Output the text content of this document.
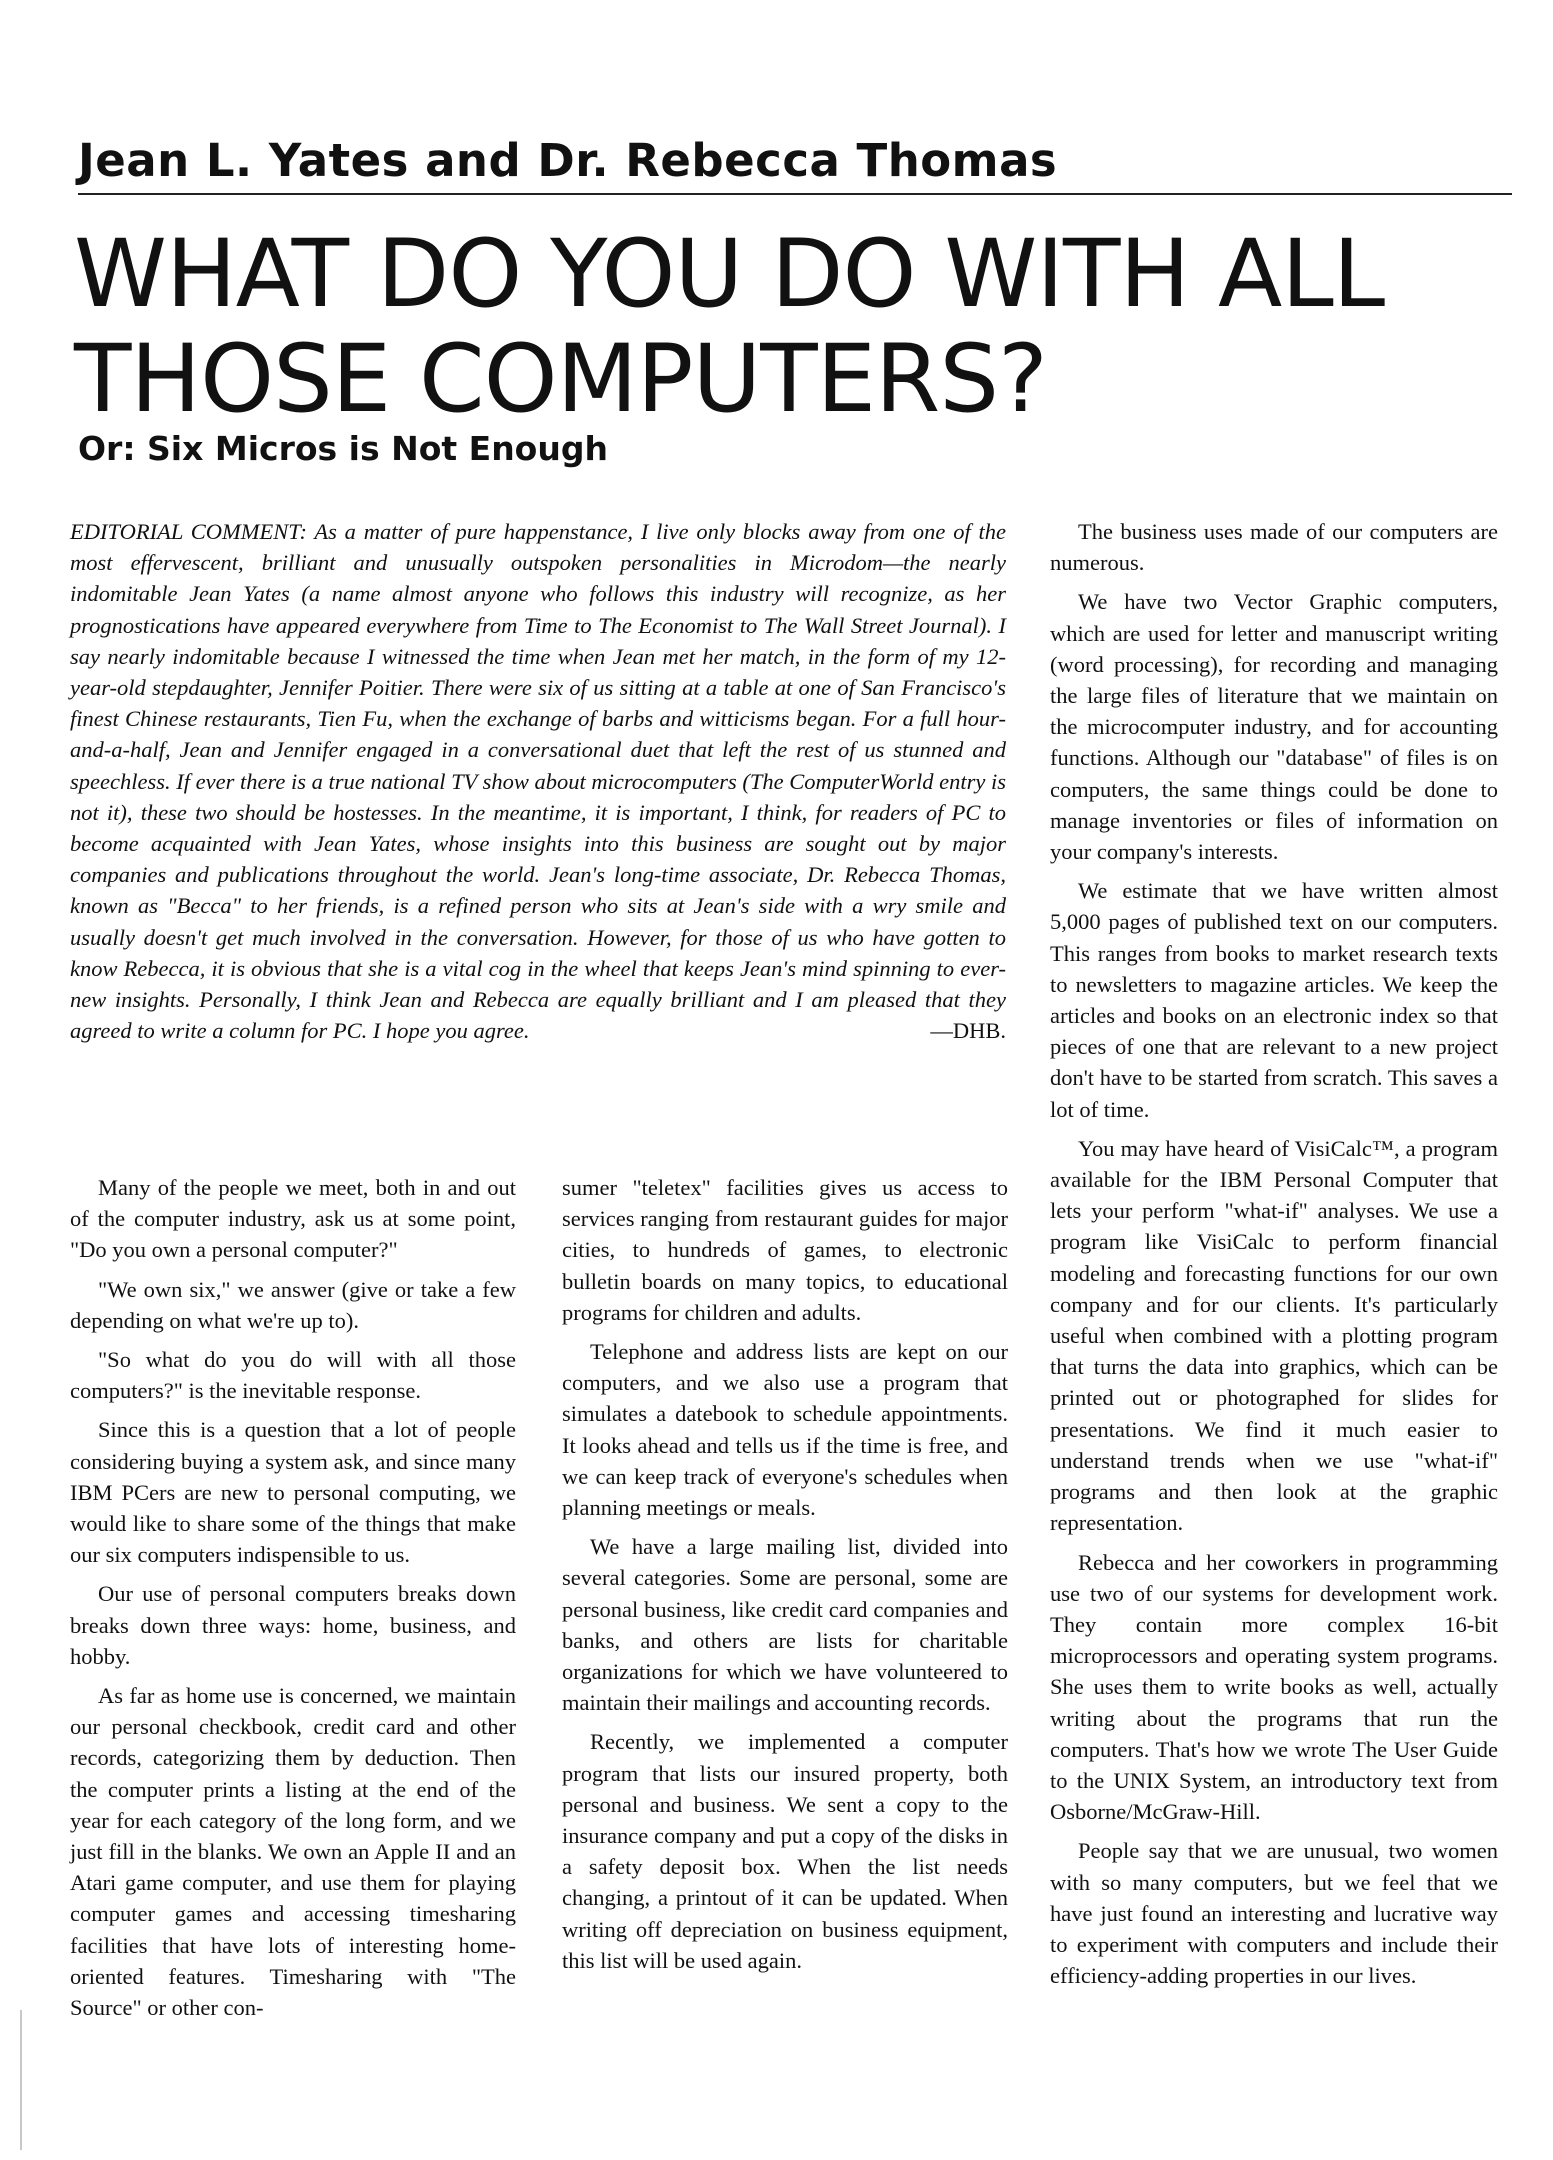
Jean L. Yates and Dr. Rebecca Thomas
WHAT DO YOU DO WITH ALL
THOSE COMPUTERS?
Or: Six Micros is Not Enough
EDITORIAL COMMENT: As a matter of pure happenstance, I live only blocks away from one of the most effervescent, brilliant and unusually outspoken personalities in Microdom—the nearly indomitable Jean Yates (a name almost anyone who follows this industry will recognize, as her prognostications have appeared everywhere from Time to The Economist to The Wall Street Journal). I say nearly indomitable because I witnessed the time when Jean met her match, in the form of my 12-year-old stepdaughter, Jennifer Poitier. There were six of us sitting at a table at one of San Francisco's finest Chinese restaurants, Tien Fu, when the exchange of barbs and witticisms began. For a full hour-and-a-half, Jean and Jennifer engaged in a conversational duet that left the rest of us stunned and speechless. If ever there is a true national TV show about microcomputers (The ComputerWorld entry is not it), these two should be hostesses. In the meantime, it is important, I think, for readers of PC to become acquainted with Jean Yates, whose insights into this business are sought out by major companies and publications throughout the world. Jean's long-time associate, Dr. Rebecca Thomas, known as "Becca" to her friends, is a refined person who sits at Jean's side with a wry smile and usually doesn't get much involved in the conversation. However, for those of us who have gotten to know Rebecca, it is obvious that she is a vital cog in the wheel that keeps Jean's mind spinning to ever-new insights. Personally, I think Jean and Rebecca are equally brilliant and I am pleased that they agreed to write a column for PC. I hope you agree.	—DHB.

Many of the people we meet, both in and out of the computer industry, ask us at some point, "Do you own a personal computer?"

"We own six," we answer (give or take a few depending on what we're up to).

"So what do you do will with all those computers?" is the inevitable response.

Since this is a question that a lot of people considering buying a system ask, and since many IBM PCers are new to personal computing, we would like to share some of the things that make our six computers indispensible to us.

Our use of personal computers breaks down breaks down three ways: home, business, and hobby.

As far as home use is concerned, we maintain our personal checkbook, credit card and other records, categorizing them by deduction. Then the computer prints a listing at the end of the year for each category of the long form, and we just fill in the blanks. We own an Apple II and an Atari game computer, and use them for playing computer games and accessing timesharing facilities that have lots of interesting home-oriented features. Timesharing with "The Source" or other con-

sumer "teletex" facilities gives us access to services ranging from restaurant guides for major cities, to hundreds of games, to electronic bulletin boards on many topics, to educational programs for children and adults.

Telephone and address lists are kept on our computers, and we also use a program that simulates a datebook to schedule appointments. It looks ahead and tells us if the time is free, and we can keep track of everyone's schedules when planning meetings or meals.

We have a large mailing list, divided into several categories. Some are personal, some are personal business, like credit card companies and banks, and others are lists for charitable organizations for which we have volunteered to maintain their mailings and accounting records.

Recently, we implemented a computer program that lists our insured property, both personal and business. We sent a copy to the insurance company and put a copy of the disks in a safety deposit box. When the list needs changing, a printout of it can be updated. When writing off depreciation on business equipment, this list will be used again.

The business uses made of our computers are numerous.

We have two Vector Graphic computers, which are used for letter and manuscript writing (word processing), for recording and managing the large files of literature that we maintain on the microcomputer industry, and for accounting functions. Although our "database" of files is on computers, the same things could be done to manage inventories or files of information on your company's interests.

We estimate that we have written almost 5,000 pages of published text on our computers. This ranges from books to market research texts to newsletters to magazine articles. We keep the articles and books on an electronic index so that pieces of one that are relevant to a new project don't have to be started from scratch. This saves a lot of time.

You may have heard of VisiCalc™, a program available for the IBM Personal Computer that lets your perform "what-if" analyses. We use a program like VisiCalc to perform financial modeling and forecasting functions for our own company and for our clients. It's particularly useful when combined with a plotting program that turns the data into graphics, which can be printed out or photographed for slides for presentations. We find it much easier to understand trends when we use "what-if" programs and then look at the graphic representation.

Rebecca and her coworkers in programming use two of our systems for development work. They contain more complex 16-bit microprocessors and operating system programs. She uses them to write books as well, actually writing about the programs that run the computers. That's how we wrote The User Guide to the UNIX System, an introductory text from Osborne/McGraw-Hill.

People say that we are unusual, two women with so many computers, but we feel that we have just found an interesting and lucrative way to experiment with computers and include their efficiency-adding properties in our lives.
